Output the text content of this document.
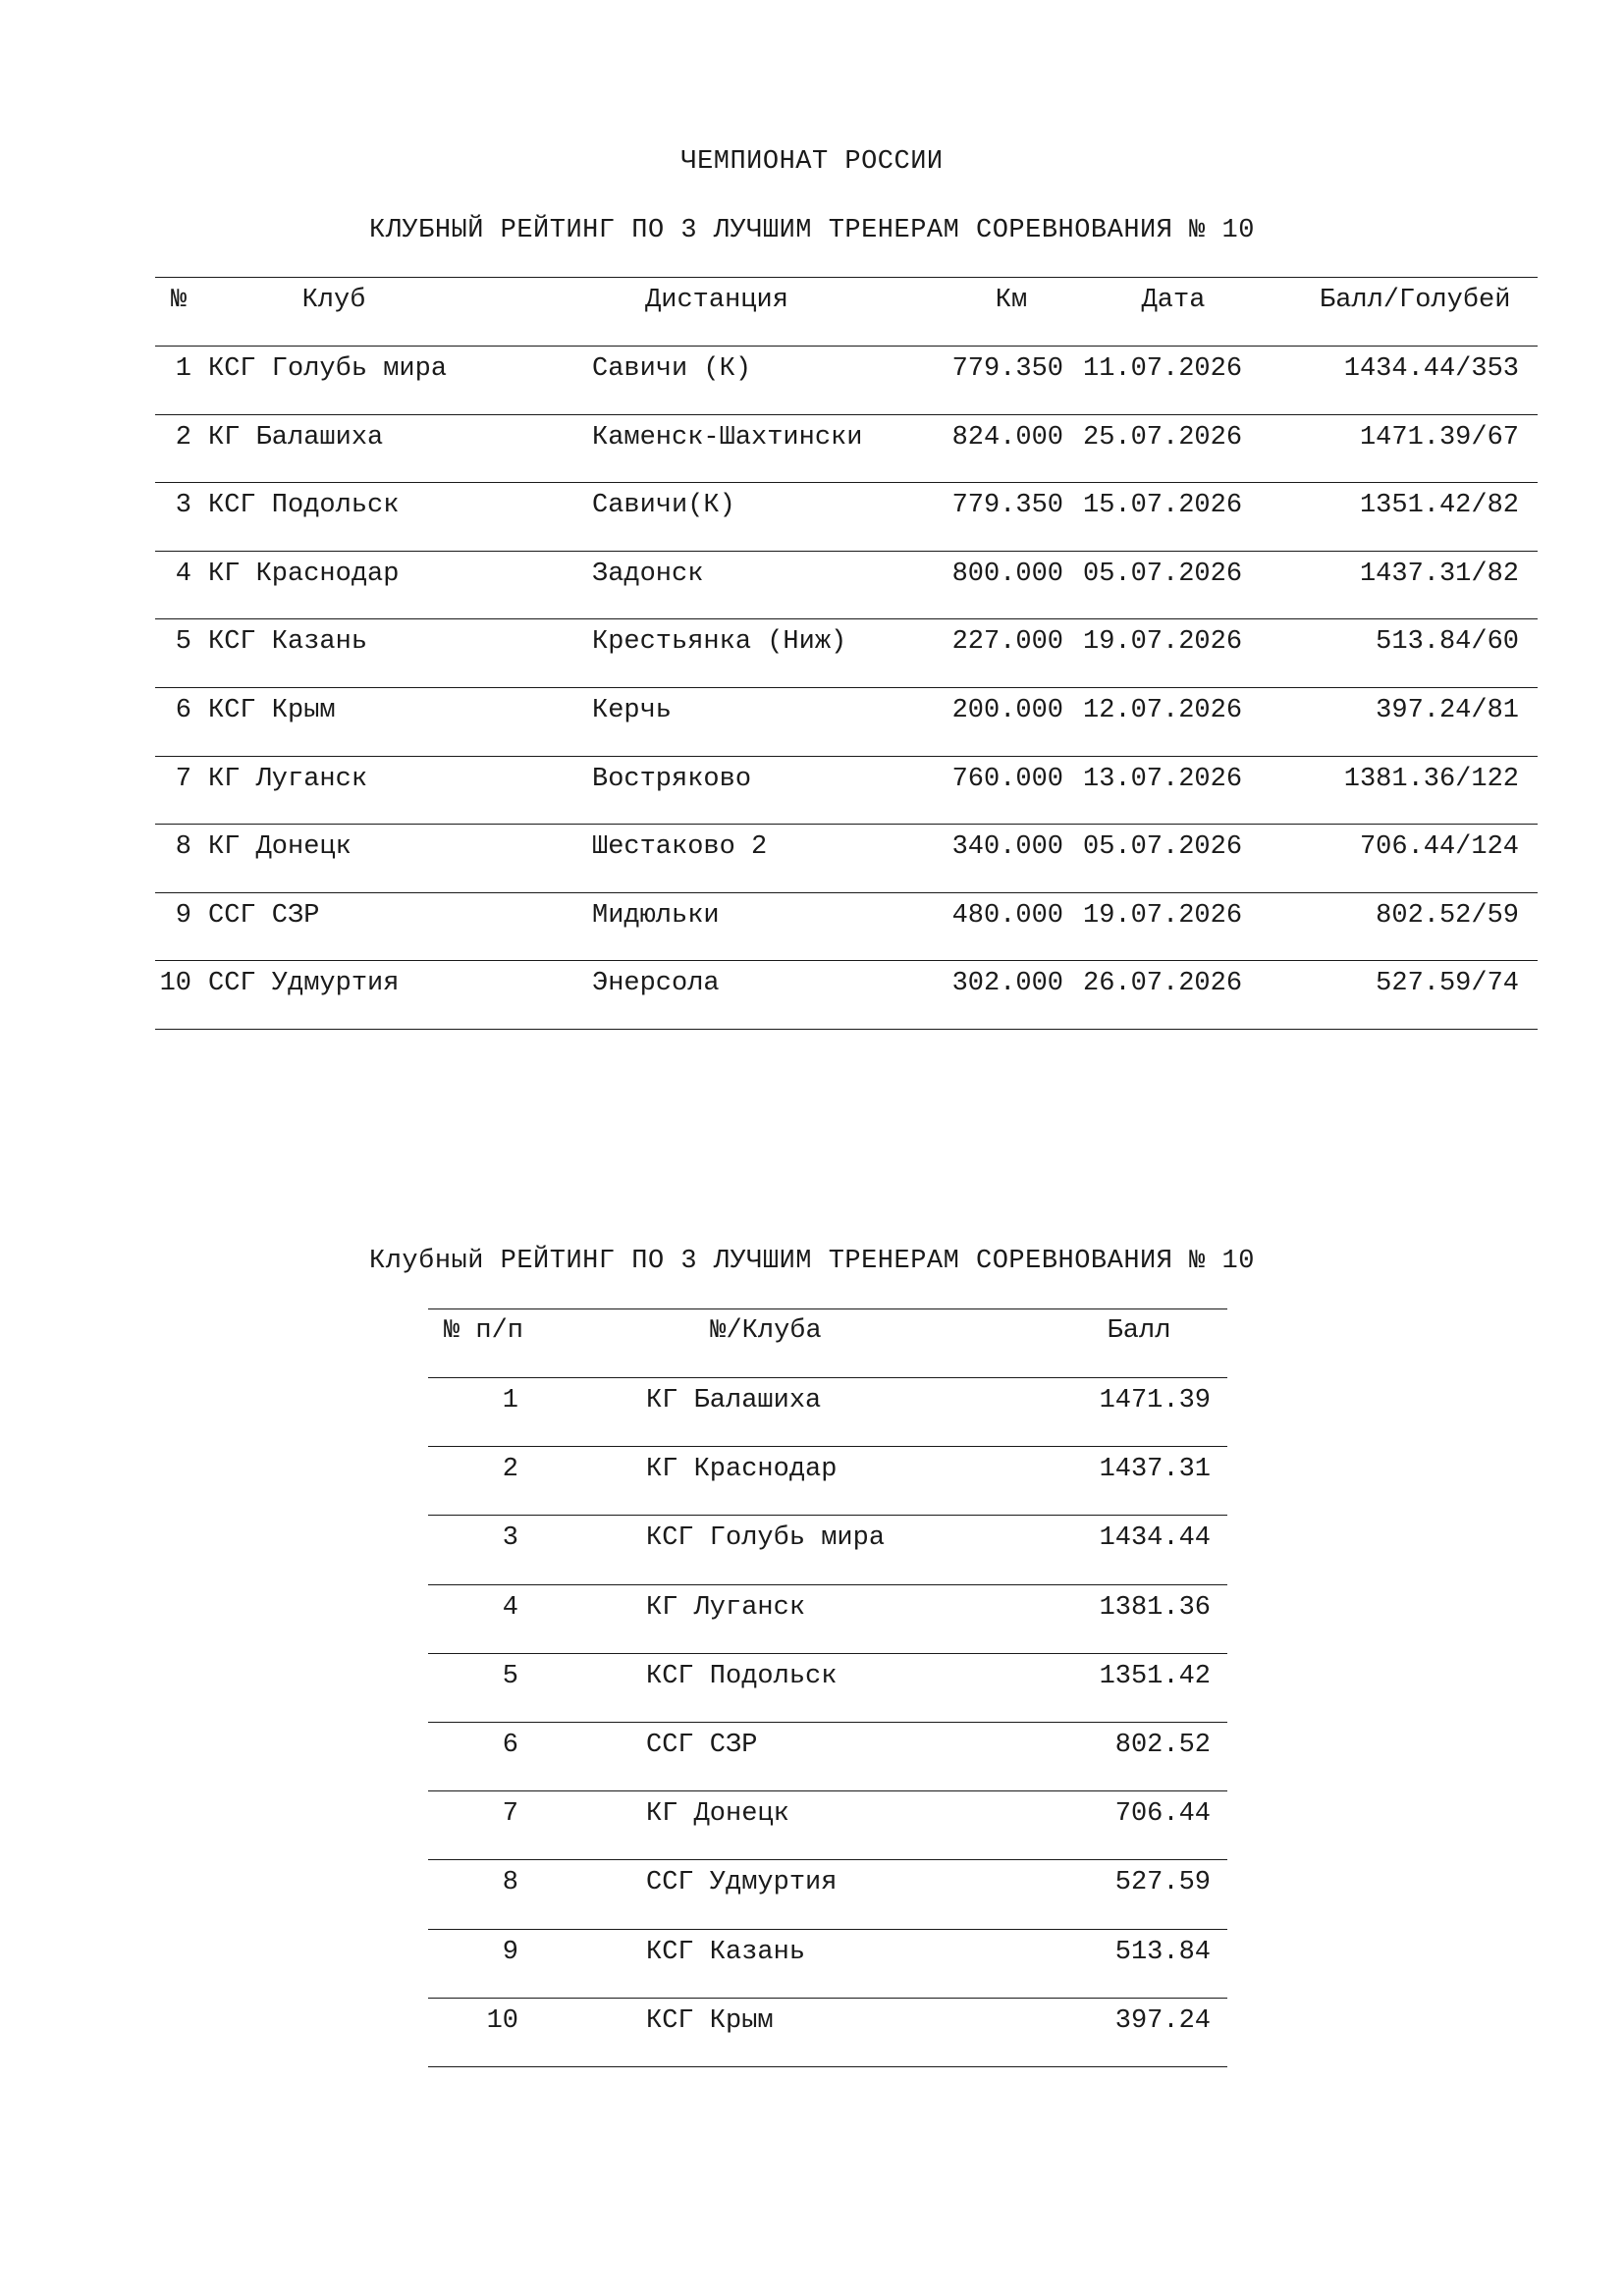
ЧЕМПИОНАТ РОССИИ
КЛУБНЫЙ РЕЙТИНГ ПО 3 ЛУЧШИМ ТРЕНЕРАМ СОРЕВНОВАНИЯ № 10
№	Клуб	Дистанция	Км	Дата	Балл/Голубей
1 КСГ Голубь мира	Савичи (К)	779.350 11.07.2026	1434.44/353
2 КГ Балашиха	Каменск-Шахтински	824.000 25.07.2026	1471.39/67
3 КСГ Подольск	Савичи(К)	779.350 15.07.2026	1351.42/82
4 КГ Краснодар	Задонск	800.000 05.07.2026	1437.31/82
5 КСГ Казань	Крестьянка (Ниж)	227.000 19.07.2026	513.84/60
6 КСГ Крым	Керчь	200.000 12.07.2026	397.24/81
7 КГ Луганск	Востряково	760.000 13.07.2026	1381.36/122
8 КГ Донецк	Шестаково 2	340.000 05.07.2026	706.44/124
9 ССГ СЗР	Мидюльки	480.000 19.07.2026	802.52/59
10 ССГ Удмуртия	Энерсола	302.000 26.07.2026	527.59/74
Клубный РЕЙТИНГ ПО 3 ЛУЧШИМ ТРЕНЕРАМ СОРЕВНОВАНИЯ № 10
№ п/п	№/Клуба	Балл
1	КГ Балашиха	1471.39
2	КГ Краснодар	1437.31
3	КСГ Голубь мира	1434.44
4	КГ Луганск	1381.36
5	КСГ Подольск	1351.42
6	ССГ СЗР	802.52
7	КГ Донецк	706.44
8	ССГ Удмуртия	527.59
9	КСГ Казань	513.84
10	КСГ Крым	397.24
